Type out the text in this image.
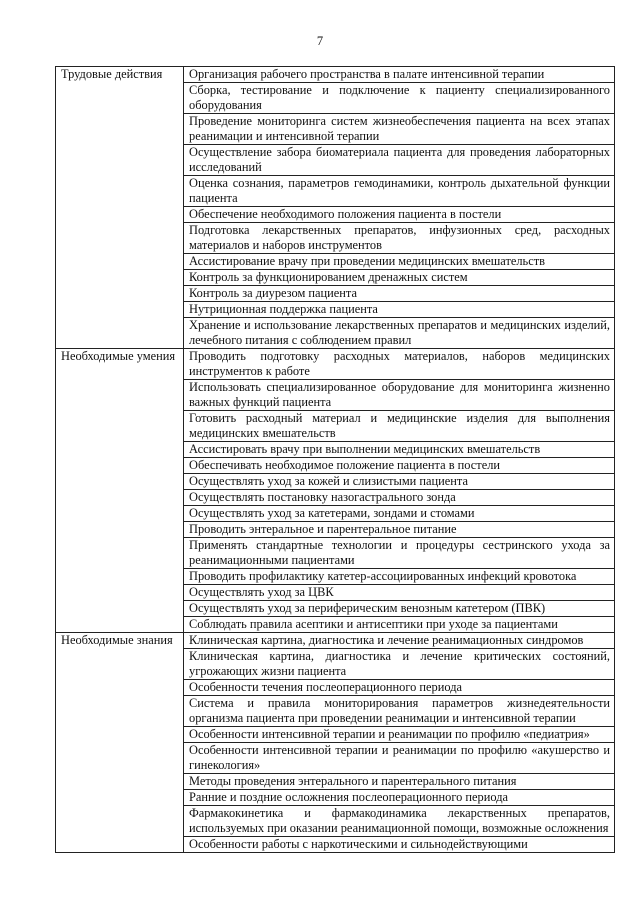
7
Трудовые действия	Организация рабочего пространства в палате интенсивной терапии
	Сборка, тестирование и подключение к пациенту специализированного оборудования
	Проведение мониторинга систем жизнеобеспечения пациента на всех этапах реанимации и интенсивной терапии
	Осуществление забора биоматериала пациента для проведения лабораторных исследований
	Оценка сознания, параметров гемодинамики, контроль дыхательной функции пациента
	Обеспечение необходимого положения пациента в постели
	Подготовка лекарственных препаратов, инфузионных сред, расходных материалов и наборов инструментов
	Ассистирование врачу при проведении медицинских вмешательств
	Контроль за функционированием дренажных систем
	Контроль за диурезом пациента
	Нутриционная поддержка пациента
	Хранение и использование лекарственных препаратов и медицинских изделий, лечебного питания с соблюдением правил
Необходимые умения	Проводить подготовку расходных материалов, наборов медицинских инструментов к работе
	Использовать специализированное оборудование для мониторинга жизненно важных функций пациента
	Готовить расходный материал и медицинские изделия для выполнения медицинских вмешательств
	Ассистировать врачу при выполнении медицинских вмешательств
	Обеспечивать необходимое положение пациента в постели
	Осуществлять уход за кожей и слизистыми пациента
	Осуществлять постановку назогастрального зонда
	Осуществлять уход за катетерами, зондами и стомами
	Проводить энтеральное и парентеральное питание
	Применять стандартные технологии и процедуры сестринского ухода за реанимационными пациентами
	Проводить профилактику катетер-ассоциированных инфекций кровотока
	Осуществлять уход за ЦВК
	Осуществлять уход за периферическим венозным катетером (ПВК)
	Соблюдать правила асептики и антисептики при уходе за пациентами
Необходимые знания	Клиническая картина, диагностика и лечение реанимационных синдромов
	Клиническая картина, диагностика и лечение критических состояний, угрожающих жизни пациента
	Особенности течения послеоперационного периода
	Система и правила мониторирования параметров жизнедеятельности организма пациента при проведении реанимации и интенсивной терапии
	Особенности интенсивной терапии и реанимации по профилю «педиатрия»
	Особенности интенсивной терапии и реанимации по профилю «акушерство и гинекология»
	Методы проведения энтерального и парентерального питания
	Ранние и поздние осложнения послеоперационного периода
	Фармакокинетика и фармакодинамика лекарственных препаратов, используемых при оказании реанимационной помощи, возможные осложнения
	Особенности работы с наркотическими и сильнодействующими
